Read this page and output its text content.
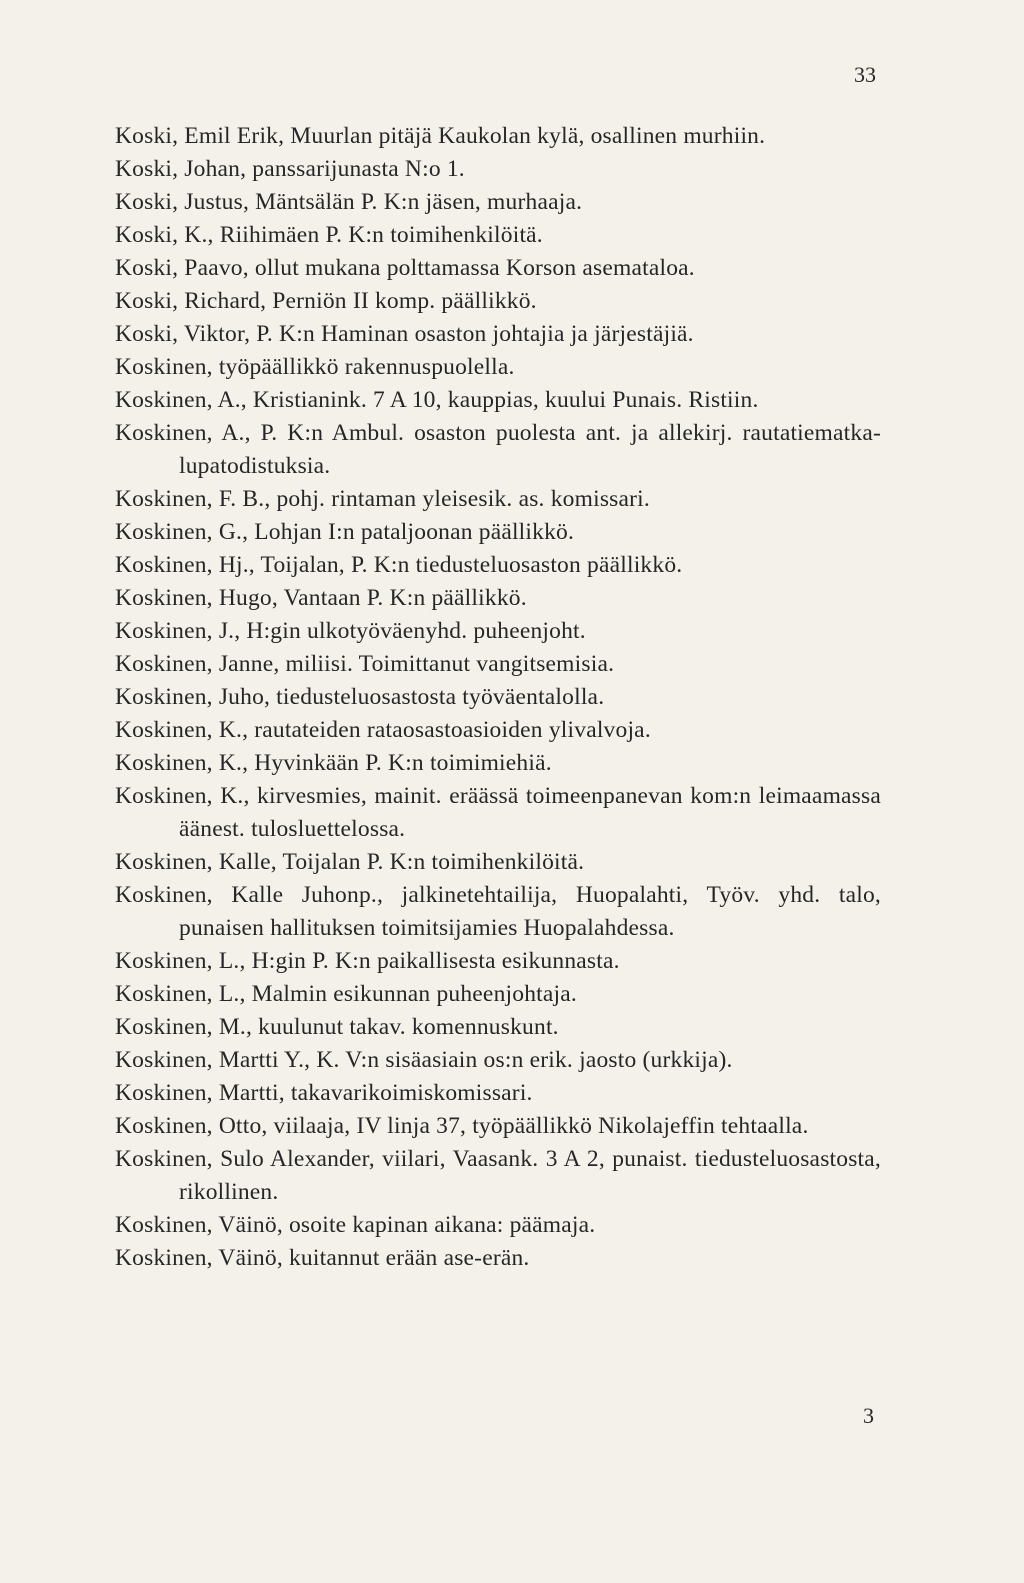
33
Koski, Emil Erik, Muurlan pitäjä Kaukolan kylä, osallinen murhiin.
Koski, Johan, panssarijunasta N:o 1.
Koski, Justus, Mäntsälän P. K:n jäsen, murhaaja.
Koski, K., Riihimäen P. K:n toimihenkilöitä.
Koski, Paavo, ollut mukana polttamassa Korson asemataloa.
Koski, Richard, Perniön II komp. päällikkö.
Koski, Viktor, P. K:n Haminan osaston johtajia ja järjestäjiä.
Koskinen, työpäällikkö rakennuspuolella.
Koskinen, A., Kristianink. 7 A 10, kauppias, kuului Punais. Ristiin.
Koskinen, A., P. K:n Ambul. osaston puolesta ant. ja allekirj. rautatiematka-lupatodistuksia.
Koskinen, F. B., pohj. rintaman yleisesik. as. komissari.
Koskinen, G., Lohjan I:n pataljoonan päällikkö.
Koskinen, Hj., Toijalan, P. K:n tiedusteluosaston päällikkö.
Koskinen, Hugo, Vantaan P. K:n päällikkö.
Koskinen, J., H:gin ulkotyöväenyhd. puheenjoht.
Koskinen, Janne, miliisi. Toimittanut vangitsemisia.
Koskinen, Juho, tiedusteluosastosta työväentalolla.
Koskinen, K., rautateiden rataosastoasioiden ylivalvoja.
Koskinen, K., Hyvinkään P. K:n toimimiehiä.
Koskinen, K., kirvesmies, mainit. eräässä toimeenpanevan kom:n leimaamassa äänest. tulosluettelossa.
Koskinen, Kalle, Toijalan P. K:n toimihenkilöitä.
Koskinen, Kalle Juhonp., jalkinetehtailija, Huopalahti, Työv. yhd. talo, punaisen hallituksen toimitsijamies Huopalahdessa.
Koskinen, L., H:gin P. K:n paikallisesta esikunnasta.
Koskinen, L., Malmin esikunnan puheenjohtaja.
Koskinen, M., kuulunut takav. komennuskunt.
Koskinen, Martti Y., K. V:n sisäasiain os:n erik. jaosto (urkkija).
Koskinen, Martti, takavarikoimiskomissari.
Koskinen, Otto, viilaaja, IV linja 37, työpäällikkö Nikolajeffin tehtaalla.
Koskinen, Sulo Alexander, viilari, Vaasank. 3 A 2, punaist. tiedusteluosastosta, rikollinen.
Koskinen, Väinö, osoite kapinan aikana: päämaja.
Koskinen, Väinö, kuitannut erään ase-erän.
3
